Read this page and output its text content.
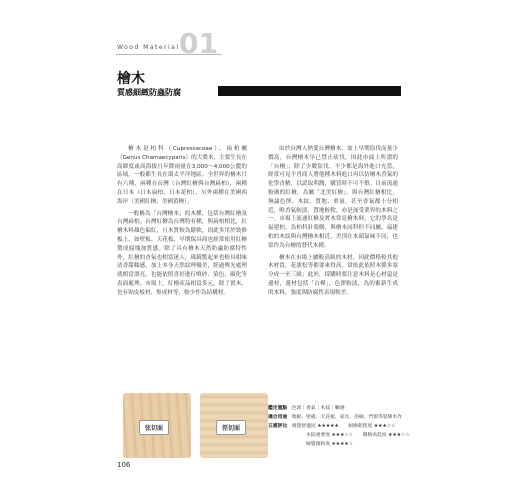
Wood Material 01
檜木
質感細緻防蟲防腐

檜木是柏科（Cupressaceae）、扁柏屬（Genus Chamaecyparis）的大喬木，主要生長在高緯度或高海拔且年降雨量在3,000～4,000公釐的區域，一般都生長在環太平洋地區。全世界的檜木只有六種，兩種在台灣（台灣紅檜與台灣扁柏），兩種在日本（日本扁柏、日本花柏），另外兩種在美國西海岸（美國紅檜、美國黃檜）。

一般稱為「台灣檜木」的木種，包括台灣紅檜及台灣扁柏。台灣紅檜為台灣特有種，與扁柏相比，紅檜木料顏色偏紅，且木質較為鬆軟，因此多用於裝修板上，如壁板、天花板、早期保具商也經常使用紅檜製成寢塊加質感。除了具有檜木天然防蟲防腐特性外，紅檜的香氣也相當迷人，珠鏡驚起來也較具柑味清香甜糯感，加上本身天然紋理優美，經過傳光處理就相當漂亮，也能依照喜好進行噴砂、染色、碳化等表面處理。市場上，紅檜產品相當多元，除了實木，也有貼皮板材、集成材等，較少作為結構材。

由於台灣人熱愛台灣檜木，加上早期盜伐而量少價高，台灣檜木早已禁止砍伐，因此市面上所謂的「台檜」，除了少數盜伐、不少都是海外進口充當，經常可見不肖商人將他種木料進口再以仿檜木香氣的化學香精，以謊取利潤，購買時不可不慎。目前流通較廣的紅檜，為屬「北美紅檜」，與台灣紅檜相比，無論色澤、木紋、質地、重量、甚至香氣都十分相近，唯香氣較淡、質地較軟，亦是深受業界的木料之一。市場上流通紅檜及實木常見檜木料，它的學名是福建柏，為柏科針葉樹，與檜木同科但不同屬，福建柏的木紋與台灣檜木相近，差別在木頭氣味不同，也常作為台檜的替代木種。

檜木在市場上屬較高級的木材，因此價格較其他木材貴，花旗松等都要來得高，常依此依照木節多寡分成一至三級；此外，採購時要注意木料是心材還是邊材，邊材包括「白樺」，色澤較淡，為的審新生成的木料，強度與防腐性表現較差。

弦切面	徑切面
鑑定重點 色澤｜香氣｜木紋｜觸感
適合用途 地板、壁板、天花板、家具、浴桶、門窗等裝修木作
五感評比 視覺舒適度 ★★★★★　　耐磨耗程度 ★★★☆☆
木紋重要度 ★★★☆☆　　價格高低度 ★★★☆☆
味覺親和度 ★★★★☆
106
